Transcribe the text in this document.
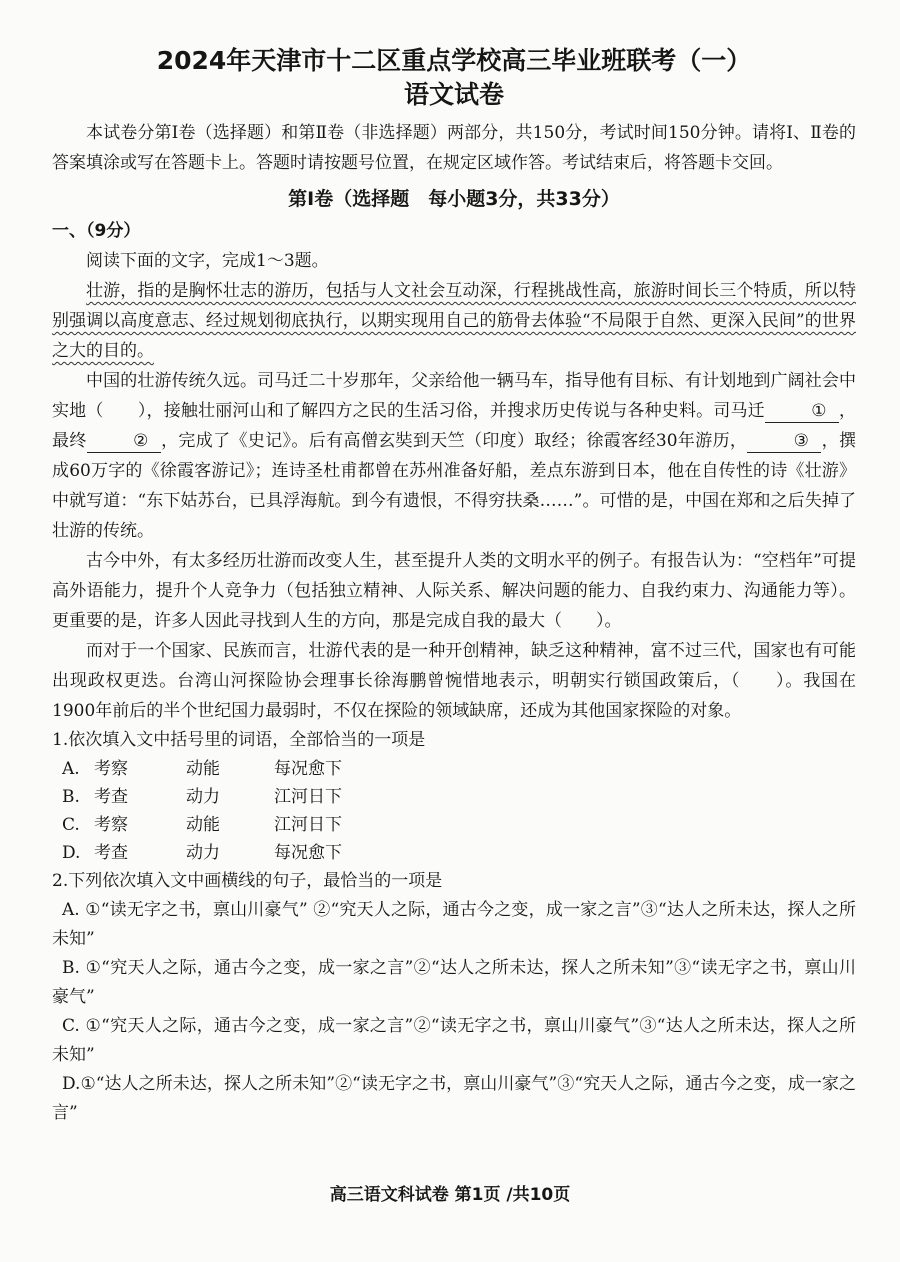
2024年天津市十二区重点学校高三毕业班联考（一）
语文试卷

本试卷分第Ⅰ卷（选择题）和第Ⅱ卷（非选择题）两部分，共150分，考试时间150分钟。请将Ⅰ、Ⅱ卷的答案填涂或写在答题卡上。答题时请按题号位置，在规定区域作答。考试结束后，将答题卡交回。

第Ⅰ卷（选择题　每小题3分，共33分）
一、（9分）

阅读下面的文字，完成1～3题。

壮游，指的是胸怀壮志的游历，包括与人文社会互动深，行程挑战性高，旅游时间长三个特质，所以特别强调以高度意志、经过规划彻底执行，以期实现用自己的筋骨去体验“不局限于自然、更深入民间”的世界之大的目的。

中国的壮游传统久远。司马迁二十岁那年，父亲给他一辆马车，指导他有目标、有计划地到广阔社会中实地（　　），接触壮丽河山和了解四方之民的生活习俗，并搜求历史传说与各种史料。司马迁	① ，最终	② ，完成了《史记》。后有高僧玄奘到天竺（印度）取经；徐霞客经30年游历，	③ ，撰成60万字的《徐霞客游记》；连诗圣杜甫都曾在苏州准备好船，差点东游到日本，他在自传性的诗《壮游》中就写道：“东下姑苏台，已具浮海航。到今有遗恨，不得穷扶桑……”。可惜的是，中国在郑和之后失掉了壮游的传统。

古今中外，有太多经历壮游而改变人生，甚至提升人类的文明水平的例子。有报告认为：“空档年”可提高外语能力，提升个人竞争力（包括独立精神、人际关系、解决问题的能力、自我约束力、沟通能力等）。更重要的是，许多人因此寻找到人生的方向，那是完成自我的最大（　　）。

而对于一个国家、民族而言，壮游代表的是一种开创精神，缺乏这种精神，富不过三代，国家也有可能出现政权更迭。台湾山河探险协会理事长徐海鹏曾惋惜地表示，明朝实行锁国政策后，（　　）。我国在1900年前后的半个世纪国力最弱时，不仅在探险的领域缺席，还成为其他国家探险的对象。

1.依次填入文中括号里的词语，全部恰当的一项是

A. 考察	动能	每况愈下

B. 考查	动力	江河日下

C. 考察	动能	江河日下

D. 考查	动力	每况愈下

2.下列依次填入文中画横线的句子，最恰当的一项是

A. ①“读无字之书，禀山川豪气” ②“究天人之际，通古今之变，成一家之言”③“达人之所未达，探人之所未知”

B. ①“究天人之际，通古今之变，成一家之言”②“达人之所未达，探人之所未知”③“读无字之书，禀山川豪气”

C. ①“究天人之际，通古今之变，成一家之言”②“读无字之书，禀山川豪气”③“达人之所未达，探人之所未知”

D.①“达人之所未达，探人之所未知”②“读无字之书，禀山川豪气”③“究天人之际，通古今之变，成一家之言”

高三语文科试卷 第1页 /共10页
